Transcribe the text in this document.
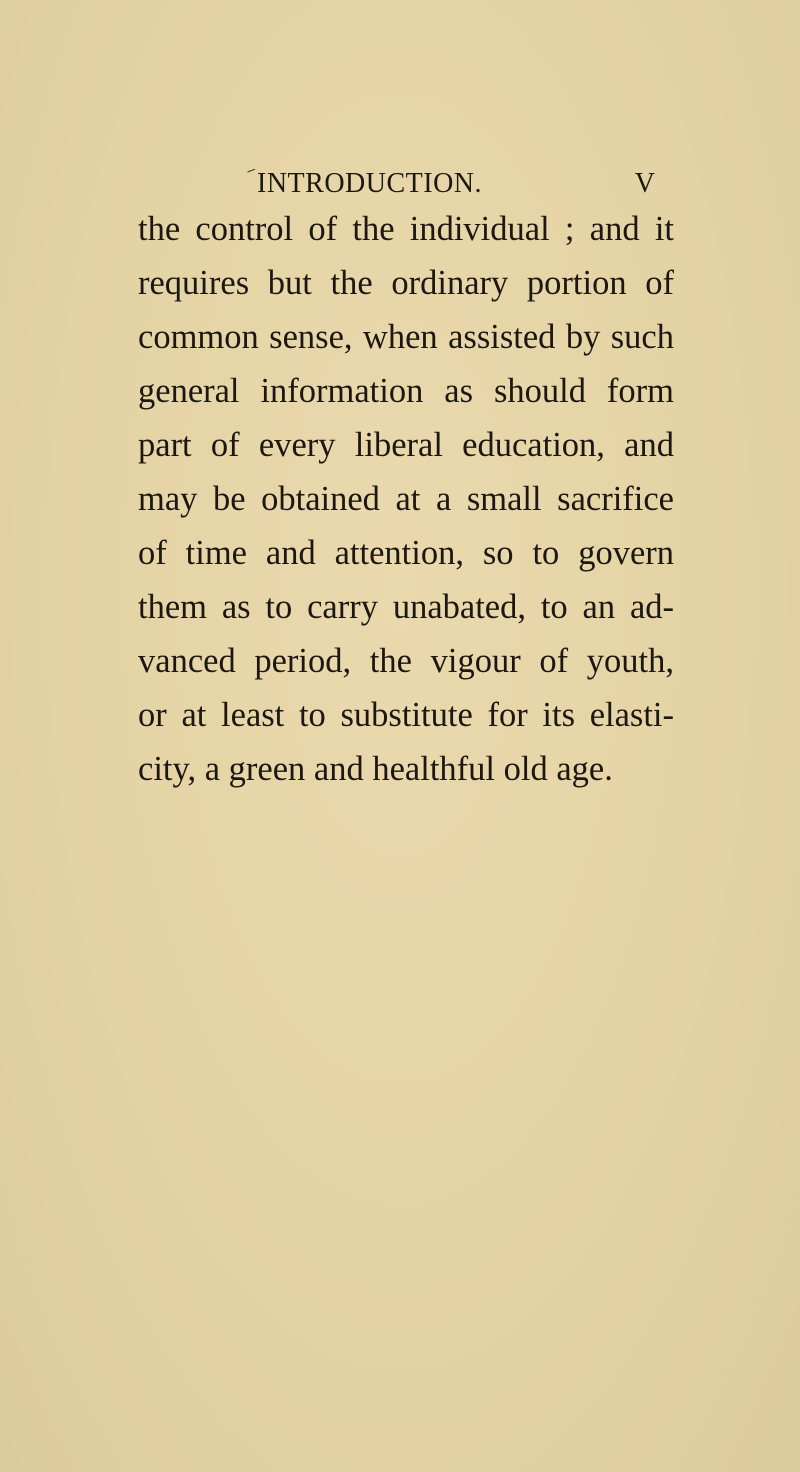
INTRODUCTION.	V
the control of the individual ; and it
requires but the ordinary portion of
common sense, when assisted by such
general information as should form
part of every liberal education, and
may be obtained at a small sacrifice
of time and attention, so to govern
them as to carry unabated, to an ad-
vanced period, the vigour of youth,
or at least to substitute for its elasti-
city, a green and healthful old age.
